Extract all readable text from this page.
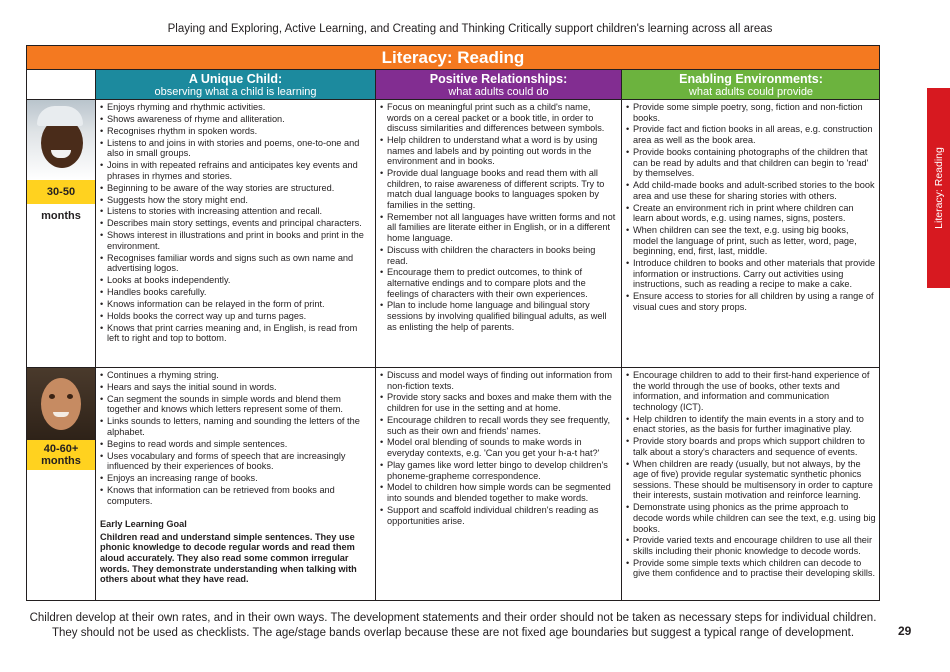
Playing and Exploring, Active Learning, and Creating and Thinking Critically support children's learning across all areas
Literacy: Reading
Literacy: Reading
A Unique Child:
observing what a child is learning
Positive Relationships:
what adults could do
Enabling Environments:
what adults could provide
30-50 months
40-60+ months
• Enjoys rhyming and rhythmic activities.
• Shows awareness of rhyme and alliteration.
• Recognises rhythm in spoken words.
• Listens to and joins in with stories and poems, one-to-one and also in small groups.
• Joins in with repeated refrains and anticipates key events and phrases in rhymes and stories.
• Beginning to be aware of the way stories are structured.
• Suggests how the story might end.
• Listens to stories with increasing attention and recall.
• Describes main story settings, events and principal characters.
• Shows interest in illustrations and print in books and print in the environment.
• Recognises familiar words and signs such as own name and advertising logos.
• Looks at books independently.
• Handles books carefully.
• Knows information can be relayed in the form of print.
• Holds books the correct way up and turns pages.
• Knows that print carries meaning and, in English, is read from left to right and top to bottom.
• Focus on meaningful print such as a child's name, words on a cereal packet or a book title, in order to discuss similarities and differences between symbols.
• Help children to understand what a word is by using names and labels and by pointing out words in the environment and in books.
• Provide dual language books and read them with all children, to raise awareness of different scripts. Try to match dual language books to languages spoken by families in the setting.
• Remember not all languages have written forms and not all families are literate either in English, or in a different home language.
• Discuss with children the characters in books being read.
• Encourage them to predict outcomes, to think of alternative endings and to compare plots and the feelings of characters with their own experiences.
• Plan to include home language and bilingual story sessions by involving qualified bilingual adults, as well as enlisting the help of parents.
• Provide some simple poetry, song, fiction and non-fiction books.
• Provide fact and fiction books in all areas, e.g. construction area as well as the book area.
• Provide books containing photographs of the children that can be read by adults and that children can begin to 'read' by themselves.
• Add child-made books and adult-scribed stories to the book area and use these for sharing stories with others.
• Create an environment rich in print where children can learn about words, e.g. using names, signs, posters.
• When children can see the text, e.g. using big books, model the language of print, such as letter, word, page, beginning, end, first, last, middle.
• Introduce children to books and other materials that provide information or instructions. Carry out activities using instructions, such as reading a recipe to make a cake.
• Ensure access to stories for all children by using a range of visual cues and story props.
• Continues a rhyming string.
• Hears and says the initial sound in words.
• Can segment the sounds in simple words and blend them together and knows which letters represent some of them.
• Links sounds to letters, naming and sounding the letters of the alphabet.
• Begins to read words and simple sentences.
• Uses vocabulary and forms of speech that are increasingly influenced by their experiences of books.
• Enjoys an increasing range of books.
• Knows that information can be retrieved from books and computers.
Early Learning Goal
Children read and understand simple sentences. They use phonic knowledge to decode regular words and read them aloud accurately. They also read some common irregular words. They demonstrate understanding when talking with others about what they have read.
• Discuss and model ways of finding out information from non-fiction texts.
• Provide story sacks and boxes and make them with the children for use in the setting and at home.
• Encourage children to recall words they see frequently, such as their own and friends' names.
• Model oral blending of sounds to make words in everyday contexts, e.g. 'Can you get your h-a-t hat?'
• Play games like word letter bingo to develop children's phoneme-grapheme correspondence.
• Model to children how simple words can be segmented into sounds and blended together to make words.
• Support and scaffold individual children's reading as opportunities arise.
• Encourage children to add to their first-hand experience of the world through the use of books, other texts and information, and information and communication technology (ICT).
• Help children to identify the main events in a story and to enact stories, as the basis for further imaginative play.
• Provide story boards and props which support children to talk about a story's characters and sequence of events.
• When children are ready (usually, but not always, by the age of five) provide regular systematic synthetic phonics sessions. These should be multisensory in order to capture their interests, sustain motivation and reinforce learning.
• Demonstrate using phonics as the prime approach to decode words while children can see the text, e.g. using big books.
• Provide varied texts and encourage children to use all their skills including their phonic knowledge to decode words.
• Provide some simple texts which children can decode to give them confidence and to practise their developing skills.
Children develop at their own rates, and in their own ways. The development statements and their order should not be taken as necessary steps for individual children.
They should not be used as checklists. The age/stage bands overlap because these are not fixed age boundaries but suggest a typical range of development.	29
